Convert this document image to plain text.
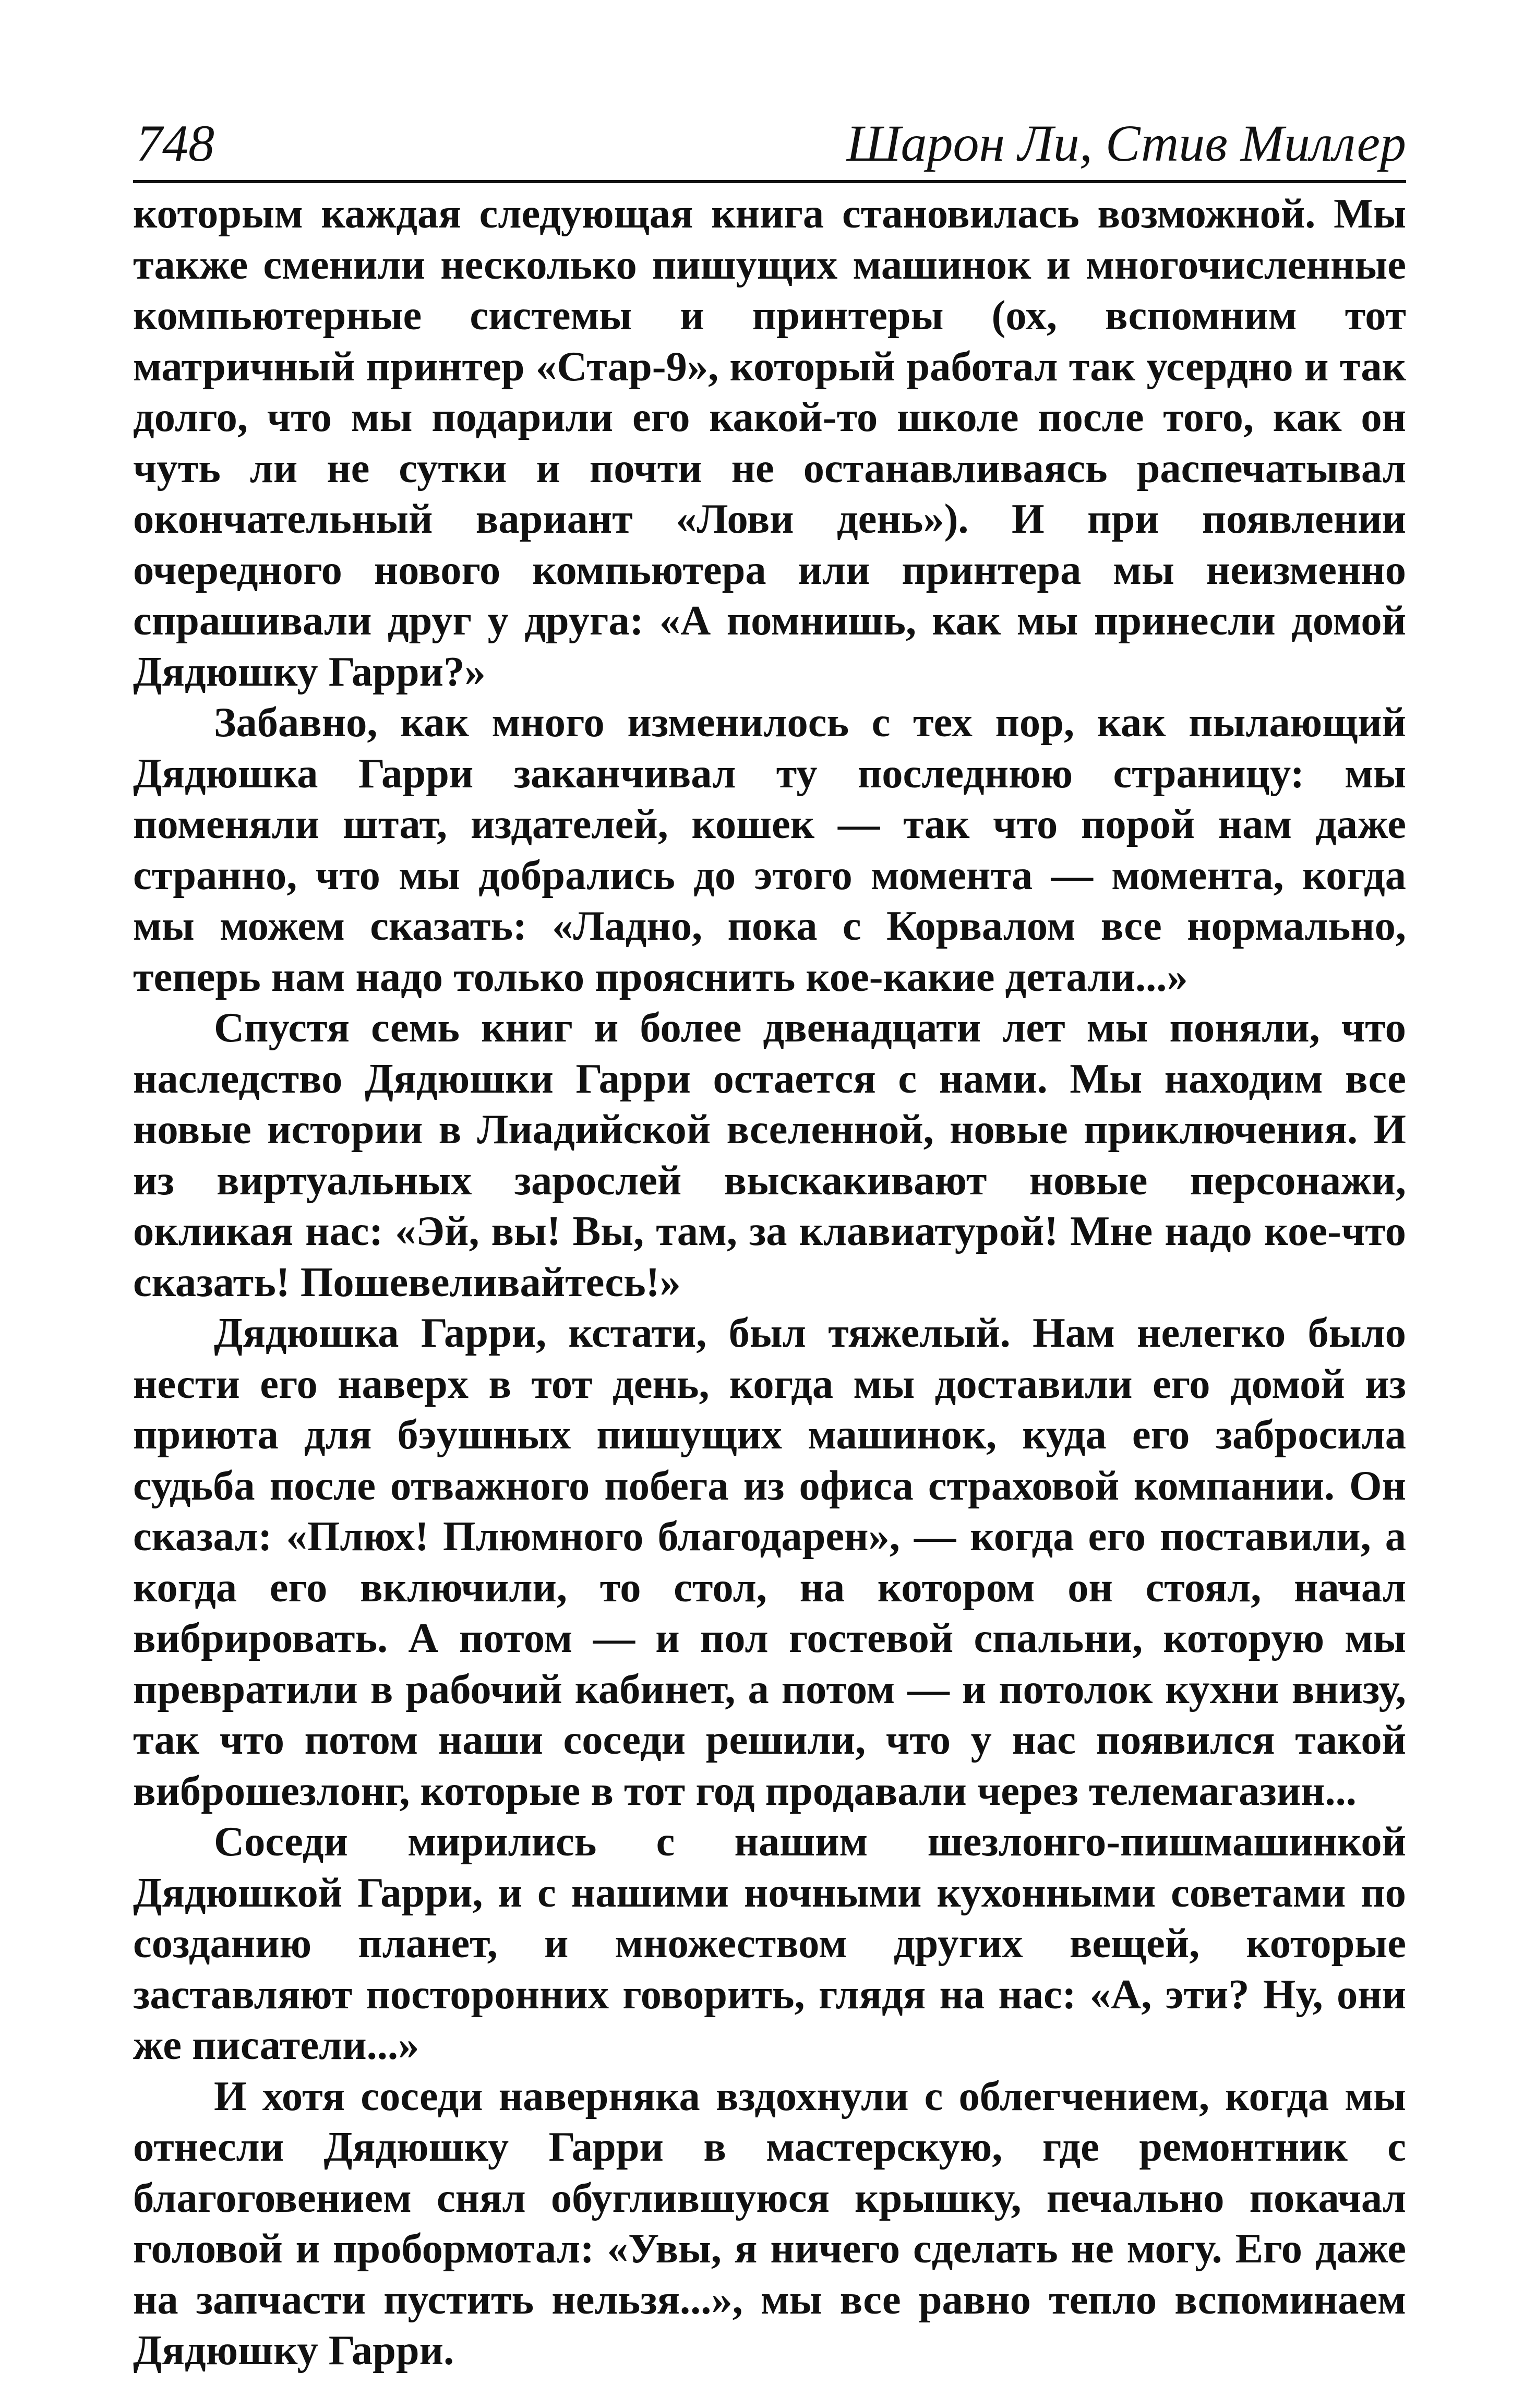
748	Шарон Ли, Стив Миллер

которым каждая следующая книга становилась возможной. Мы также сменили несколько пишущих машинок и многочисленные компьютерные системы и принтеры (ох, вспомним тот матричный принтер «Стар-9», который работал так усердно и так долго, что мы подарили его какой-то школе после того, как он чуть ли не сутки и почти не останавливаясь распечатывал окончательный вариант «Лови день»). И при появлении очередного нового компьютера или принтера мы неизменно спрашивали друг у друга: «А помнишь, как мы принесли домой Дядюшку Гарри?»

Забавно, как много изменилось с тех пор, как пылающий Дядюшка Гарри заканчивал ту последнюю страницу: мы поменяли штат, издателей, кошек — так что порой нам даже странно, что мы добрались до этого момента — момента, когда мы можем сказать: «Ладно, пока с Корвалом все нормально, теперь нам надо только прояснить кое-какие детали...»

Спустя семь книг и более двенадцати лет мы поняли, что наследство Дядюшки Гарри остается с нами. Мы находим все новые истории в Лиадийской вселенной, новые приключения. И из виртуальных зарослей выскакивают новые персонажи, окликая нас: «Эй, вы! Вы, там, за клавиатурой! Мне надо кое-что сказать! Пошевеливайтесь!»

Дядюшка Гарри, кстати, был тяжелый. Нам нелегко было нести его наверх в тот день, когда мы доставили его домой из приюта для бэушных пишущих машинок, куда его забросила судьба после отважного побега из офиса страховой компании. Он сказал: «Плюх! Плюмного благодарен», — когда его поставили, а когда его включили, то стол, на котором он стоял, начал вибрировать. А потом — и пол гостевой спальни, которую мы превратили в рабочий кабинет, а потом — и потолок кухни внизу, так что потом наши соседи решили, что у нас появился такой виброшезлонг, которые в тот год продавали через телемагазин...

Соседи мирились с нашим шезлонго-пишмашинкой Дядюшкой Гарри, и с нашими ночными кухонными советами по созданию планет, и множеством других вещей, которые заставляют посторонних говорить, глядя на нас: «А, эти? Ну, они же писатели...»

И хотя соседи наверняка вздохнули с облегчением, когда мы отнесли Дядюшку Гарри в мастерскую, где ремонтник с благоговением снял обуглившуюся крышку, печально покачал головой и пробормотал: «Увы, я ничего сделать не могу. Его даже на запчасти пустить нельзя...», мы все равно тепло вспоминаем Дядюшку Гарри.
